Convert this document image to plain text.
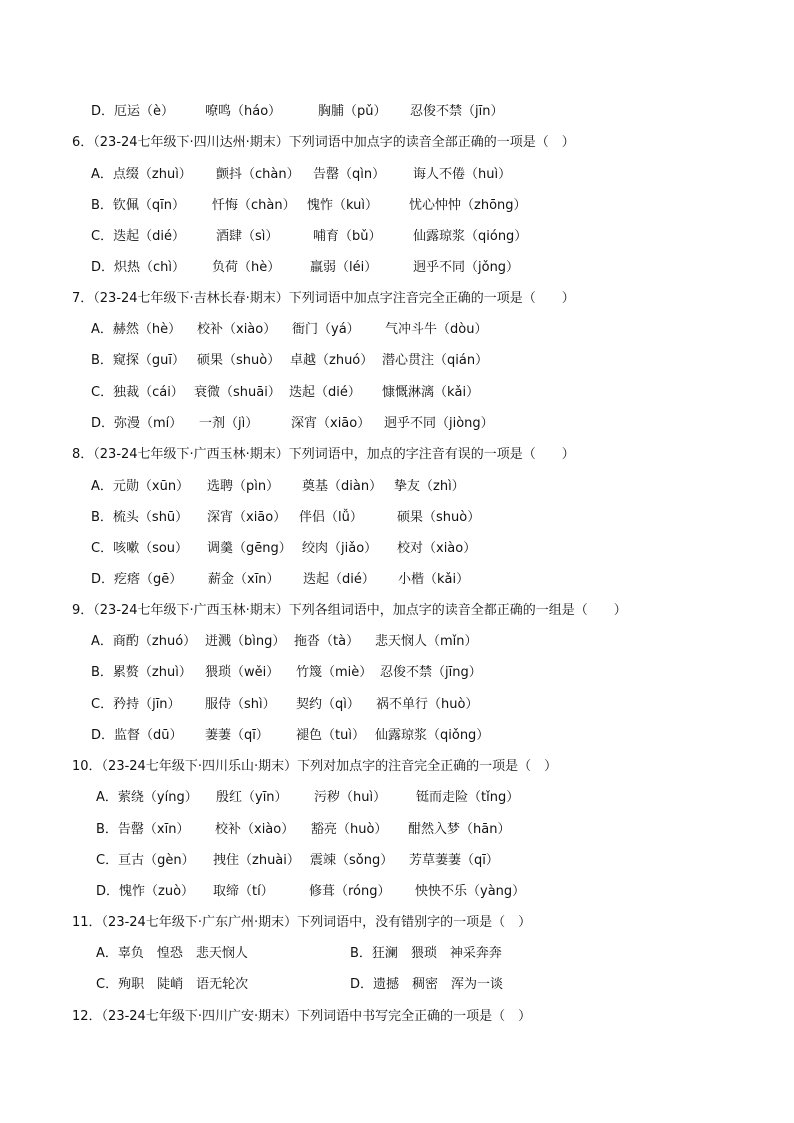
D．厄运（è） 嘹鸣（háo）	胸脯（pǔ） 忍俊不禁（jīn）
6．（23-24七年级下·四川达州·期末）下列词语中加点字的读音全部正确的一项是（　）
A．点缀（zhuì） 颤抖（chàn） 告罄（qìn） 诲人不倦（huì）
B．钦佩（qīn） 忏悔（chàn） 愧怍（kuì） 忧心忡忡（zhōng）
C．迭起（dié） 酒肆（sì）	哺育（bǔ） 仙露琼浆（qióng）
D．炽热（chì） 负荷（hè） 羸弱（léi）	迥乎不同（jǒng）
7．（23-24七年级下·吉林长春·期末）下列词语中加点字注音完全正确的一项是（　　）
A．赫然（hè） 校补（xiào） 衙门（yá） 气冲斗牛（dòu）
B．窥探（guī） 硕果（shuò） 卓越（zhuó） 潜心贯注（qián）
C．独裁（cái） 衰微（shuāi） 迭起（dié） 慷慨淋漓（kǎi）
D．弥漫（mí） 一剂（jì）	深宵（xiāo） 迥乎不同（jiòng）
8．（23-24七年级下·广西玉林·期末）下列词语中，加点的字注音有误的一项是（　　）
A．元勋（xūn） 选聘（pìn） 奠基（diàn） 挚友（zhì）
B．梳头（shū） 深宵（xiāo） 伴侣（lǚ）	硕果（shuò）
C．咳嗽（sou） 调羹（gēng） 绞肉（jiǎo） 校对（xiào）
D．疙瘩（gē） 薪金（xīn） 迭起（dié） 小楷（kǎi）
9．（23-24七年级下·广西玉林·期末）下列各组词语中，加点字的读音全都正确的一组是（　　）
A．商酌（zhuó） 迸溅（bìng） 拖沓（tà） 悲天悯人（mǐn）
B．累赘（zhuì） 猥琐（wěi） 竹篾（miè） 忍俊不禁（jīng）
C．矜持（jīn） 服侍（shì） 契约（qì） 祸不单行（huò）
D．监督（dū） 萋萋（qī） 褪色（tuì） 仙露琼浆（qiǒng）
10．（23-24七年级下·四川乐山·期末）下列对加点字的注音完全正确的一项是（　）
A．萦绕（yíng） 殷红（yīn） 污秽（huì） 铤而走险（tǐng）
B．告罄（xīn） 校补（xiào） 豁亮（huò） 酣然入梦（hān）
C．亘古（gèn） 拽住（zhuài） 震竦（sǒng） 芳草萋萋（qī）
D．愧怍（zuò） 取缔（tí）	修葺（róng） 怏怏不乐（yàng）
11．（23-24七年级下·广东广州·期末）下列词语中，没有错别字的一项是（　）
A．辜负　惶恐　悲天悯人	B．狂澜　猥琐　神采奔奔
C．殉职　陡峭　语无轮次	D．遗撼　稠密　浑为一谈
12．（23-24七年级下·四川广安·期末）下列词语中书写完全正确的一项是（　）
